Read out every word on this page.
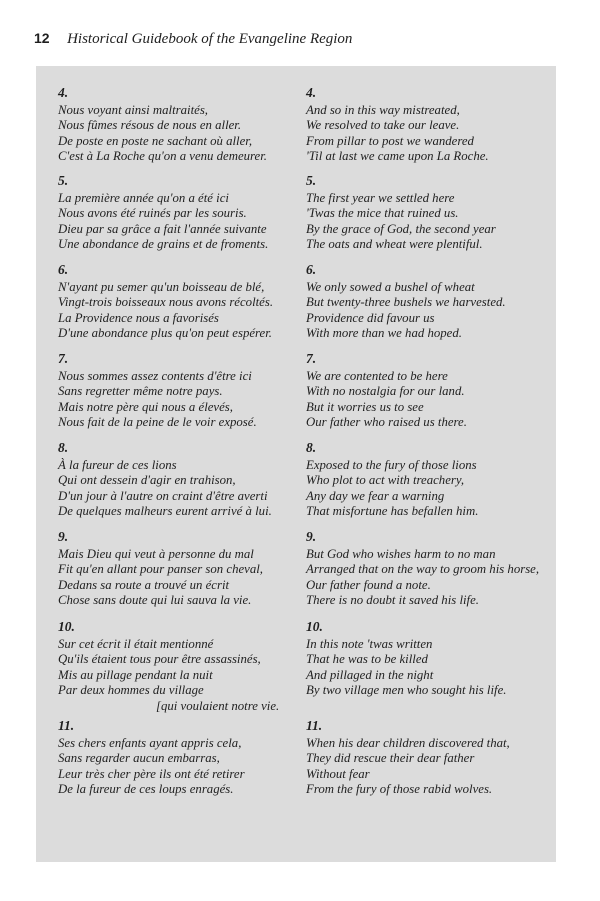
12 Historical Guidebook of the Evangeline Region
4.
Nous voyant ainsi maltraités,
Nous fûmes résous de nous en aller.
De poste en poste ne sachant où aller,
C'est à La Roche qu'on a venu demeurer.
5.
La première année qu'on a été ici
Nous avons été ruinés par les souris.
Dieu par sa grâce a fait l'année suivante
Une abondance de grains et de froments.
6.
N'ayant pu semer qu'un boisseau de blé,
Vingt-trois boisseaux nous avons récoltés.
La Providence nous a favorisés
D'une abondance plus qu'on peut espérer.
7.
Nous sommes assez contents d'être ici
Sans regretter même notre pays.
Mais notre père qui nous a élevés,
Nous fait de la peine de le voir exposé.
8.
À la fureur de ces lions
Qui ont dessein d'agir en trahison,
D'un jour à l'autre on craint d'être averti
De quelques malheurs eurent arrivé à lui.
9.
Mais Dieu qui veut à personne du mal
Fit qu'en allant pour panser son cheval,
Dedans sa route a trouvé un écrit
Chose sans doute qui lui sauva la vie.
10.
Sur cet écrit il était mentionné
Qu'ils étaient tous pour être assassinés,
Mis au pillage pendant la nuit
Par deux hommes du village
[qui voulaient notre vie.
11.
Ses chers enfants ayant appris cela,
Sans regarder aucun embarras,
Leur très cher père ils ont été retirer
De la fureur de ces loups enragés.
4.
And so in this way mistreated,
We resolved to take our leave.
From pillar to post we wandered
'Til at last we came upon La Roche.
5.
The first year we settled here
'Twas the mice that ruined us.
By the grace of God, the second year
The oats and wheat were plentiful.
6.
We only sowed a bushel of wheat
But twenty-three bushels we harvested.
Providence did favour us
With more than we had hoped.
7.
We are contented to be here
With no nostalgia for our land.
But it worries us to see
Our father who raised us there.
8.
Exposed to the fury of those lions
Who plot to act with treachery,
Any day we fear a warning
That misfortune has befallen him.
9.
But God who wishes harm to no man
Arranged that on the way to groom his horse,
Our father found a note.
There is no doubt it saved his life.
10.
In this note 'twas written
That he was to be killed
And pillaged in the night
By two village men who sought his life.
11.
When his dear children discovered that,
They did rescue their dear father
Without fear
From the fury of those rabid wolves.
